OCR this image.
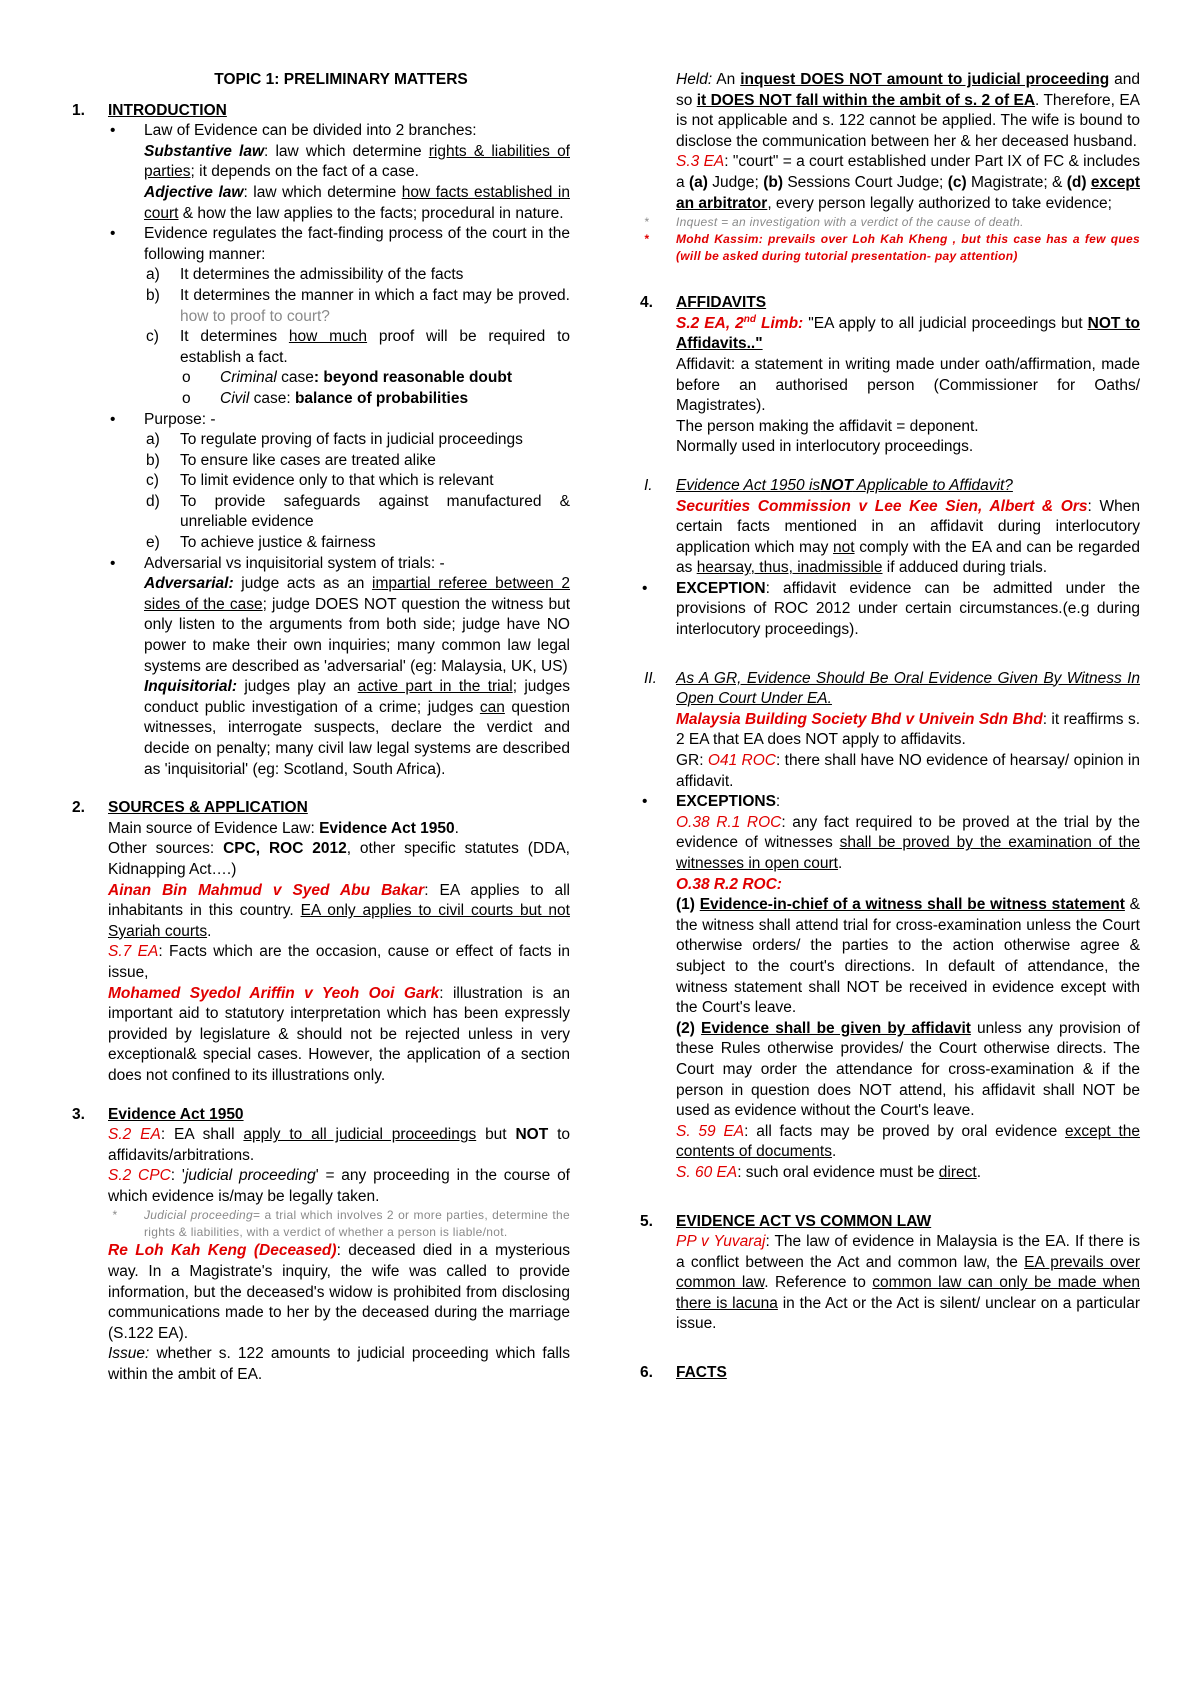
TOPIC 1: PRELIMINARY MATTERS
1.	INTRODUCTION
•	Law of Evidence can be divided into 2 branches:
Substantive law: law which determine rights & liabilities of parties; it depends on the fact of a case.
Adjective law: law which determine how facts established in court & how the law applies to the facts; procedural in nature.
•	Evidence regulates the fact-finding process of the court in the following manner:
a)	It determines the admissibility of the facts
b)	It determines the manner in which a fact may be proved. how to proof to court?
c)	It determines how much proof will be required to establish a fact.
o	Criminal case: beyond reasonable doubt
o	Civil case: balance of probabilities
•	Purpose: -
a)	To regulate proving of facts in judicial proceedings
b)	To ensure like cases are treated alike
c)	To limit evidence only to that which is relevant
d)	To provide safeguards against manufactured & unreliable evidence
e)	To achieve justice & fairness
•	Adversarial vs inquisitorial system of trials: -
Adversarial: judge acts as an impartial referee between 2 sides of the case; judge DOES NOT question the witness but only listen to the arguments from both side; judge have NO power to make their own inquiries; many common law legal systems are described as 'adversarial' (eg: Malaysia, UK, US)
Inquisitorial: judges play an active part in the trial; judges conduct public investigation of a crime; judges can question witnesses, interrogate suspects, declare the verdict and decide on penalty; many civil law legal systems are described as 'inquisitorial' (eg: Scotland, South Africa).
2.	SOURCES & APPLICATION
Main source of Evidence Law: Evidence Act 1950.
Other sources: CPC, ROC 2012, other specific statutes (DDA, Kidnapping Act….)
Ainan Bin Mahmud v Syed Abu Bakar: EA applies to all inhabitants in this country. EA only applies to civil courts but not Syariah courts.
S.7 EA: Facts which are the occasion, cause or effect of facts in issue,
Mohamed Syedol Ariffin v Yeoh Ooi Gark: illustration is an important aid to statutory interpretation which has been expressly provided by legislature & should not be rejected unless in very exceptional& special cases. However, the application of a section does not confined to its illustrations only.
3.	Evidence Act 1950
S.2 EA: EA shall apply to all judicial proceedings but NOT to affidavits/arbitrations.
S.2 CPC: 'judicial proceeding' = any proceeding in the course of which evidence is/may be legally taken.
*	Judicial proceeding= a trial which involves 2 or more parties, determine the rights & liabilities, with a verdict of whether a person is liable/not.
Re Loh Kah Keng (Deceased): deceased died in a mysterious way. In a Magistrate's inquiry, the wife was called to provide information, but the deceased's widow is prohibited from disclosing communications made to her by the deceased during the marriage (S.122 EA).
Issue: whether s. 122 amounts to judicial proceeding which falls within the ambit of EA.
Held: An inquest DOES NOT amount to judicial proceeding and so it DOES NOT fall within the ambit of s. 2 of EA. Therefore, EA is not applicable and s. 122 cannot be applied. The wife is bound to disclose the communication between her & her deceased husband.
S.3 EA: "court" = a court established under Part IX of FC & includes a (a) Judge; (b) Sessions Court Judge; (c) Magistrate; & (d) except an arbitrator, every person legally authorized to take evidence;
*	Inquest = an investigation with a verdict of the cause of death.
*	Mohd Kassim: prevails over Loh Kah Kheng , but this case has a few ques (will be asked during tutorial presentation- pay attention)
4.	AFFIDAVITS
S.2 EA, 2nd Limb: "EA apply to all judicial proceedings but NOT to Affidavits.."
Affidavit: a statement in writing made under oath/affirmation, made before an authorised person (Commissioner for Oaths/ Magistrates).
The person making the affidavit = deponent.
Normally used in interlocutory proceedings.
I.	Evidence Act 1950 isNOT Applicable to Affidavit?
Securities Commission v Lee Kee Sien, Albert & Ors: When certain facts mentioned in an affidavit during interlocutory application which may not comply with the EA and can be regarded as hearsay, thus, inadmissible if adduced during trials.
•	EXCEPTION: affidavit evidence can be admitted under the provisions of ROC 2012 under certain circumstances.(e.g during interlocutory proceedings).
II.	As A GR, Evidence Should Be Oral Evidence Given By Witness In Open Court Under EA.
Malaysia Building Society Bhd v Univein Sdn Bhd: it reaffirms s. 2 EA that EA does NOT apply to affidavits.
GR: O41 ROC: there shall have NO evidence of hearsay/ opinion in affidavit.
•	EXCEPTIONS:
O.38 R.1 ROC: any fact required to be proved at the trial by the evidence of witnesses shall be proved by the examination of the witnesses in open court.
O.38 R.2 ROC:
(1) Evidence-in-chief of a witness shall be witness statement & the witness shall attend trial for cross-examination unless the Court otherwise orders/ the parties to the action otherwise agree & subject to the court's directions. In default of attendance, the witness statement shall NOT be received in evidence except with the Court's leave.
(2) Evidence shall be given by affidavit unless any provision of these Rules otherwise provides/ the Court otherwise directs. The Court may order the attendance for cross-examination & if the person in question does NOT attend, his affidavit shall NOT be used as evidence without the Court's leave.
S. 59 EA: all facts may be proved by oral evidence except the contents of documents.
S. 60 EA: such oral evidence must be direct.
5.	EVIDENCE ACT VS COMMON LAW
PP v Yuvaraj: The law of evidence in Malaysia is the EA. If there is a conflict between the Act and common law, the EA prevails over common law. Reference to common law can only be made when there is lacuna in the Act or the Act is silent/ unclear on a particular issue.
6.	FACTS
